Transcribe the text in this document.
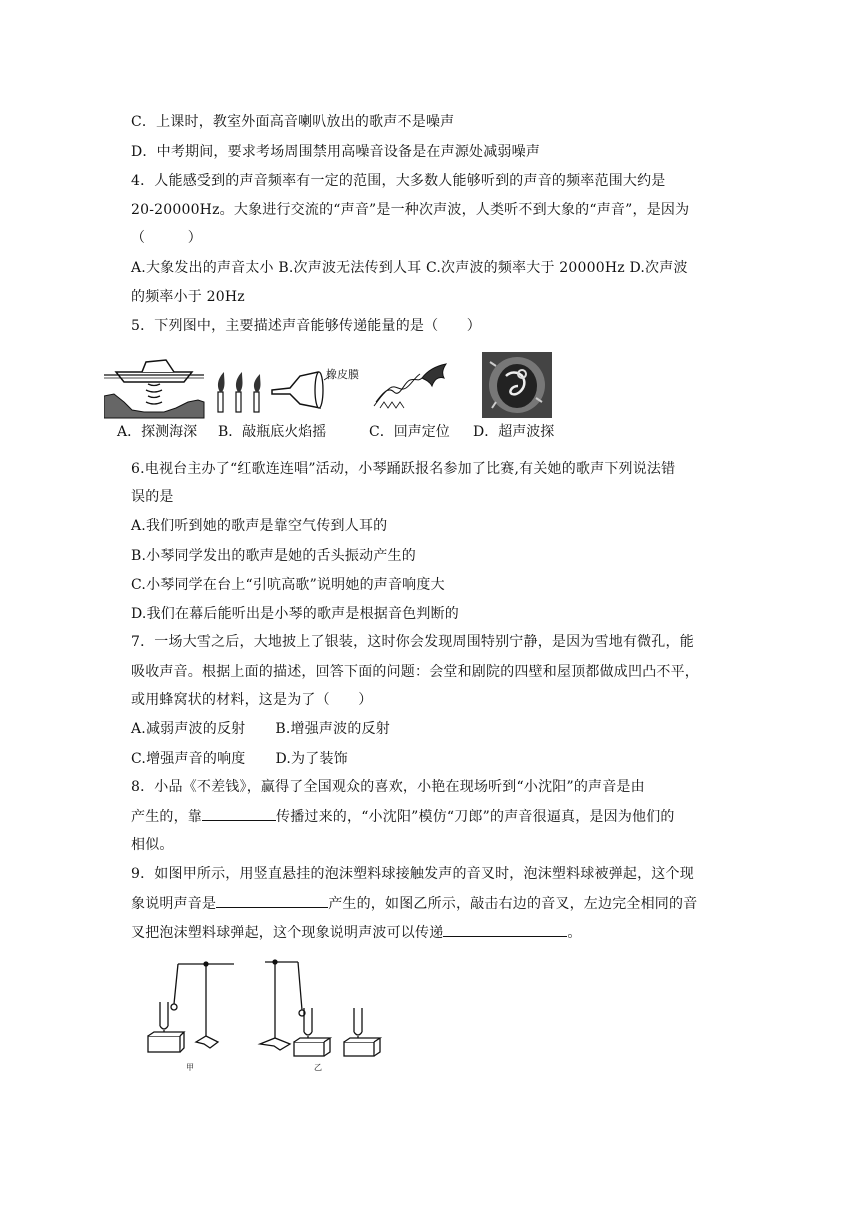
C．上课时，教室外面高音喇叭放出的歌声不是噪声
D．中考期间，要求考场周围禁用高噪音设备是在声源处减弱噪声
4．人能感受到的声音频率有一定的范围，大多数人能够听到的声音的频率范围大约是
20-20000Hz。大象进行交流的“声音”是一种次声波，人类听不到大象的“声音”，是因为
（　　　）
A.大象发出的声音太小 B.次声波无法传到人耳 C.次声波的频率大于 20000Hz D.次声波
的频率小于 20Hz
5．下列图中，主要描述声音能够传递能量的是（　　）
橡皮膜
A．探测海深 B．敲瓶底火焰摇	C．回声定位 D．超声波探
6.电视台主办了“红歌连连唱”活动，小琴踊跃报名参加了比赛,有关她的歌声下列说法错
误的是
A.我们听到她的歌声是靠空气传到人耳的
B.小琴同学发出的歌声是她的舌头振动产生的
C.小琴同学在台上“引吭高歌”说明她的声音响度大
D.我们在幕后能听出是小琴的歌声是根据音色判断的
7．一场大雪之后，大地披上了银装，这时你会发现周围特别宁静，是因为雪地有微孔，能
吸收声音。根据上面的描述，回答下面的问题：会堂和剧院的四壁和屋顶都做成凹凸不平，
或用蜂窝状的材料，这是为了（　　）
A.减弱声波的反射 B.增强声波的反射
C.增强声音的响度 D.为了装饰
8．小品《不差钱》，赢得了全国观众的喜欢，小艳在现场听到“小沈阳”的声音是由
产生的，靠	传播过来的，“小沈阳”模仿“刀郎”的声音很逼真，是因为他们的
相似。
9．如图甲所示，用竖直悬挂的泡沫塑料球接触发声的音叉时，泡沫塑料球被弹起，这个现
象说明声音是	产生的，如图乙所示，敲击右边的音叉，左边完全相同的音
叉把泡沫塑料球弹起，这个现象说明声波可以传递	。
甲	乙
